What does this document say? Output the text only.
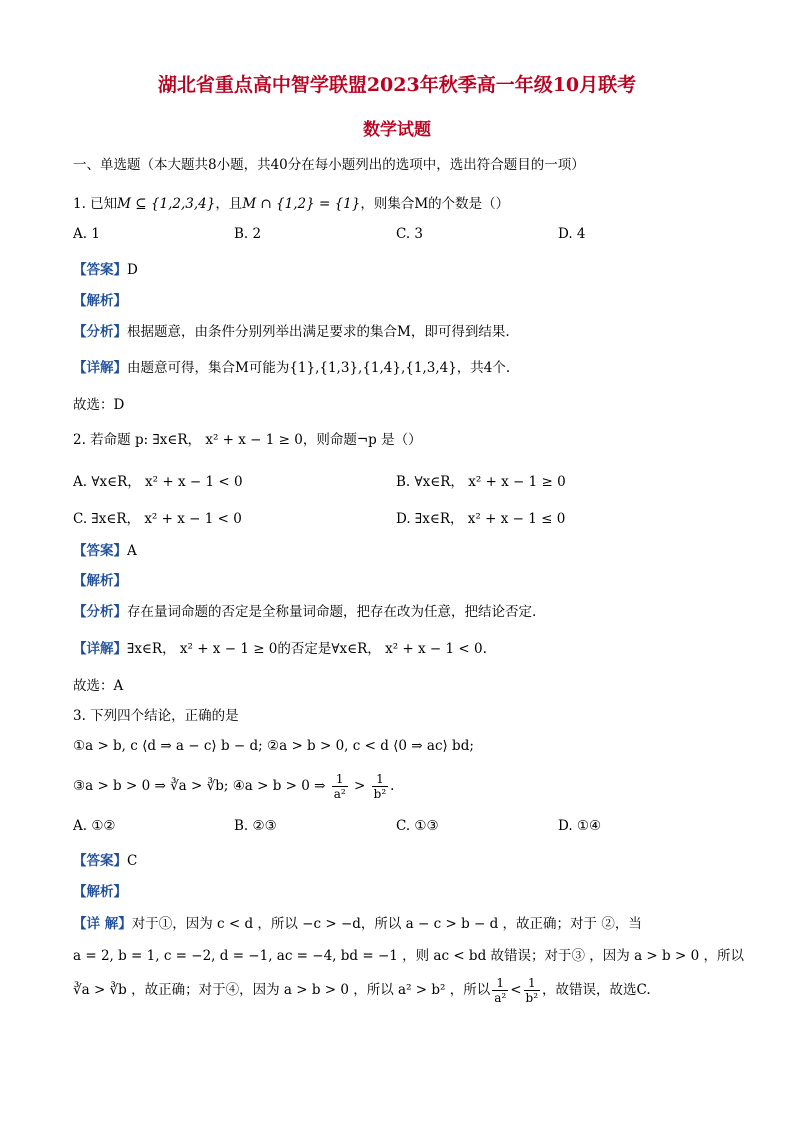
湖北省重点高中智学联盟2023年秋季高一年级10月联考
数学试题
一、单选题（本大题共8小题，共40分在每小题列出的选项中，选出符合题目的一项）
1. 已知M ⊆ {1,2,3,4}，且M ∩ {1,2} = {1}，则集合M的个数是（）
A. 1	B. 2	C. 3	D. 4
【答案】D
【解析】
【分析】根据题意，由条件分别列举出满足要求的集合M，即可得到结果.
【详解】由题意可得，集合M可能为{1},{1,3},{1,4},{1,3,4}，共4个.
故选：D
2. 若命题 p: ∃x∈R， x² + x − 1 ≥ 0，则命题¬p 是（）
A. ∀x∈R， x² + x − 1 < 0	B. ∀x∈R， x² + x − 1 ≥ 0
C. ∃x∈R， x² + x − 1 < 0	D. ∃x∈R， x² + x − 1 ≤ 0
【答案】A
【解析】
【分析】存在量词命题的否定是全称量词命题，把存在改为任意，把结论否定.
【详解】∃x∈R， x² + x − 1 ≥ 0的否定是∀x∈R， x² + x − 1 < 0.
故选：A
3. 下列四个结论，正确的是
①a > b, c ⟨d ⇒ a − c⟩ b − d; ②a > b > 0, c < d ⟨0 ⇒ ac⟩ bd;
③a > b > 0 ⇒ ∛a > ∛b; ④a > b > 0 ⇒ $\frac{1}{\text{a²}} > \frac{1}{\text{b²}}$ .
A. ①②	B. ②③	C. ①③	D. ①④
【答案】C
【解析】
【详 解】对于①，因为 c < d ，所以 −c > −d，所以 a − c > b − d ，故正确；对于 ②，当
a = 2, b = 1, c = −2, d = −1, ac = −4, bd = −1 ，则 ac < bd 故错误；对于③ ，因为 a > b > 0 ，所以
∛a > ∛b ，故正确；对于④，因为 a > b > 0 ，所以 a² > b² ，所以 $\frac{1}{\text{a²}} < \frac{1}{\text{b²}}$ ，故错误，故选C.
